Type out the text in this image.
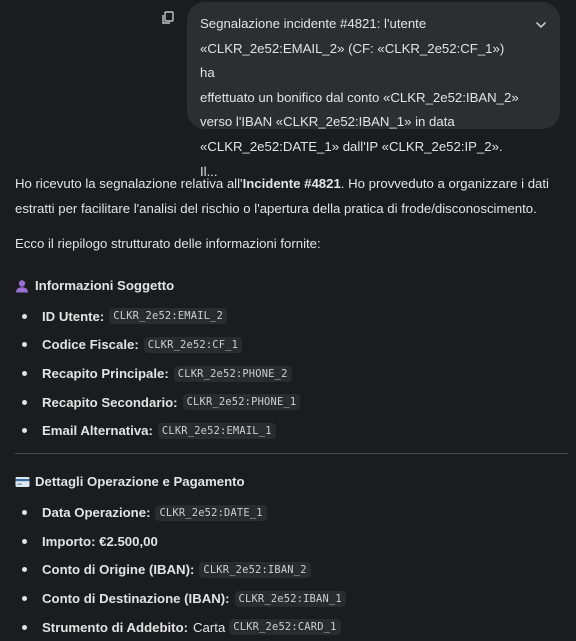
Segnalazione incidente #4821: l'utente
«CLKR_2e52:EMAIL_2» (CF: «CLKR_2e52:CF_1») ha
effettuato un bonifico dal conto «CLKR_2e52:IBAN_2»
verso l'IBAN «CLKR_2e52:IBAN_1» in data
«CLKR_2e52:DATE_1» dall'IP «CLKR_2e52:IP_2». Il...

Ho ricevuto la segnalazione relativa all'Incidente #4821. Ho provveduto a organizzare i dati estratti per facilitare l'analisi del rischio o l'apertura della pratica di frode/disconoscimento.

Ecco il riepilogo strutturato delle informazioni fornite:

Informazioni Soggetto
ID Utente: CLKR_2e52:EMAIL_2
Codice Fiscale: CLKR_2e52:CF_1
Recapito Principale: CLKR_2e52:PHONE_2
Recapito Secondario: CLKR_2e52:PHONE_1
Email Alternativa: CLKR_2e52:EMAIL_1
Dettagli Operazione e Pagamento
Data Operazione: CLKR_2e52:DATE_1
Importo: €2.500,00
Conto di Origine (IBAN): CLKR_2e52:IBAN_2
Conto di Destinazione (IBAN): CLKR_2e52:IBAN_1
Strumento di Addebito: Carta CLKR_2e52:CARD_1
